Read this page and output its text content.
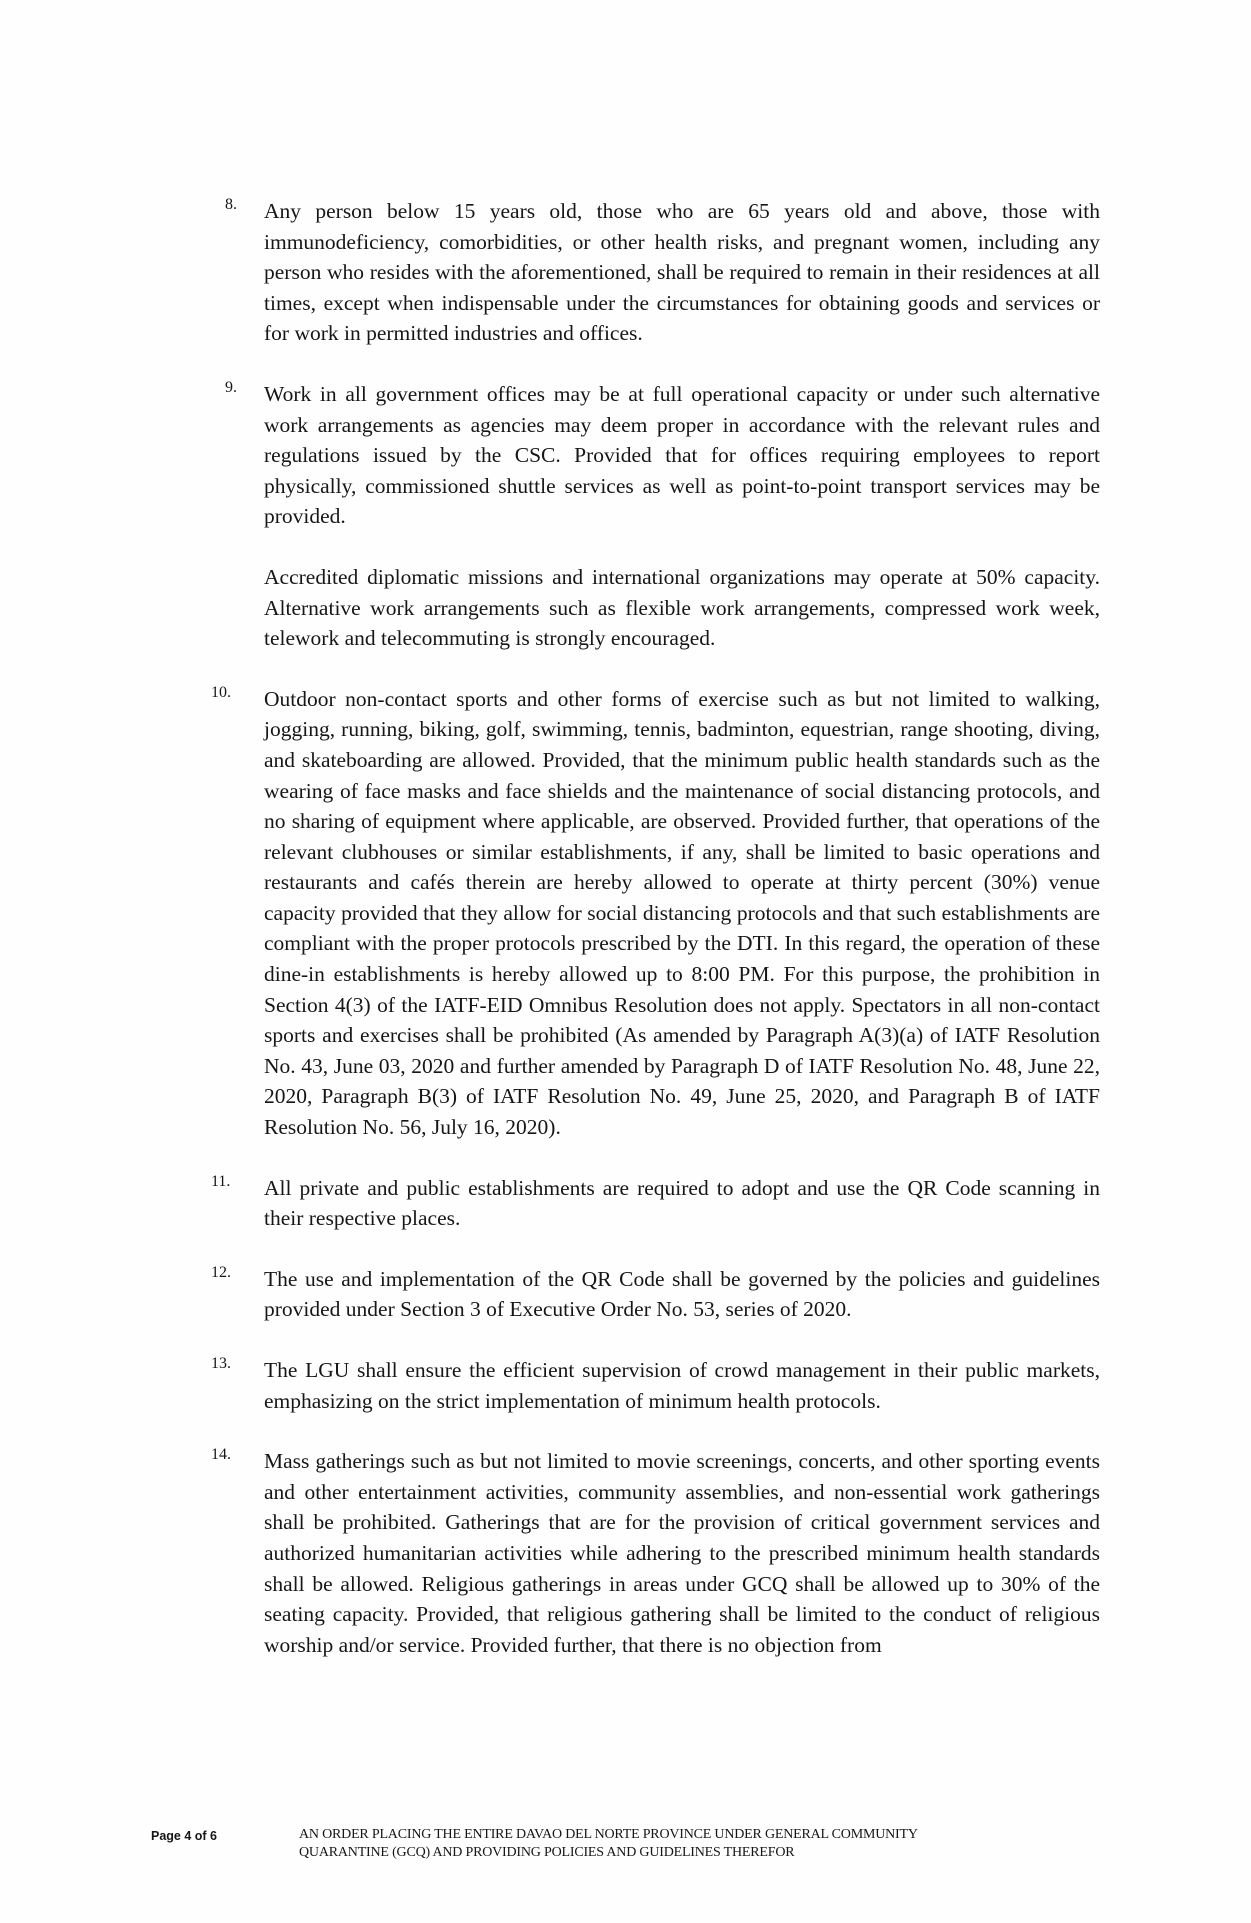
8.	Any person below 15 years old, those who are 65 years old and above, those with immunodeficiency, comorbidities, or other health risks, and pregnant women, including any person who resides with the aforementioned, shall be required to remain in their residences at all times, except when indispensable under the circumstances for obtaining goods and services or for work in permitted industries and offices.

9.	Work in all government offices may be at full operational capacity or under such alternative work arrangements as agencies may deem proper in accordance with the relevant rules and regulations issued by the CSC. Provided that for offices requiring employees to report physically, commissioned shuttle services as well as point-to-point transport services may be provided.

Accredited diplomatic missions and international organizations may operate at 50% capacity. Alternative work arrangements such as flexible work arrangements, compressed work week, telework and telecommuting is strongly encouraged.

10.	Outdoor non-contact sports and other forms of exercise such as but not limited to walking, jogging, running, biking, golf, swimming, tennis, badminton, equestrian, range shooting, diving, and skateboarding are allowed. Provided, that the minimum public health standards such as the wearing of face masks and face shields and the maintenance of social distancing protocols, and no sharing of equipment where applicable, are observed. Provided further, that operations of the relevant clubhouses or similar establishments, if any, shall be limited to basic operations and restaurants and cafés therein are hereby allowed to operate at thirty percent (30%) venue capacity provided that they allow for social distancing protocols and that such establishments are compliant with the proper protocols prescribed by the DTI. In this regard, the operation of these dine-in establishments is hereby allowed up to 8:00 PM. For this purpose, the prohibition in Section 4(3) of the IATF-EID Omnibus Resolution does not apply. Spectators in all non-contact sports and exercises shall be prohibited (As amended by Paragraph A(3)(a) of IATF Resolution No. 43, June 03, 2020 and further amended by Paragraph D of IATF Resolution No. 48, June 22, 2020, Paragraph B(3) of IATF Resolution No. 49, June 25, 2020, and Paragraph B of IATF Resolution No. 56, July 16, 2020).

11.	All private and public establishments are required to adopt and use the QR Code scanning in their respective places.

12.	The use and implementation of the QR Code shall be governed by the policies and guidelines provided under Section 3 of Executive Order No. 53, series of 2020.

13.	The LGU shall ensure the efficient supervision of crowd management in their public markets, emphasizing on the strict implementation of minimum health protocols.

14.	Mass gatherings such as but not limited to movie screenings, concerts, and other sporting events and other entertainment activities, community assemblies, and non-essential work gatherings shall be prohibited. Gatherings that are for the provision of critical government services and authorized humanitarian activities while adhering to the prescribed minimum health standards shall be allowed. Religious gatherings in areas under GCQ shall be allowed up to 30% of the seating capacity. Provided, that religious gathering shall be limited to the conduct of religious worship and/or service. Provided further, that there is no objection from

Page 4 of 6	AN ORDER PLACING THE ENTIRE DAVAO DEL NORTE PROVINCE UNDER GENERAL COMMUNITY
QUARANTINE (GCQ) AND PROVIDING POLICIES AND GUIDELINES THEREFOR
